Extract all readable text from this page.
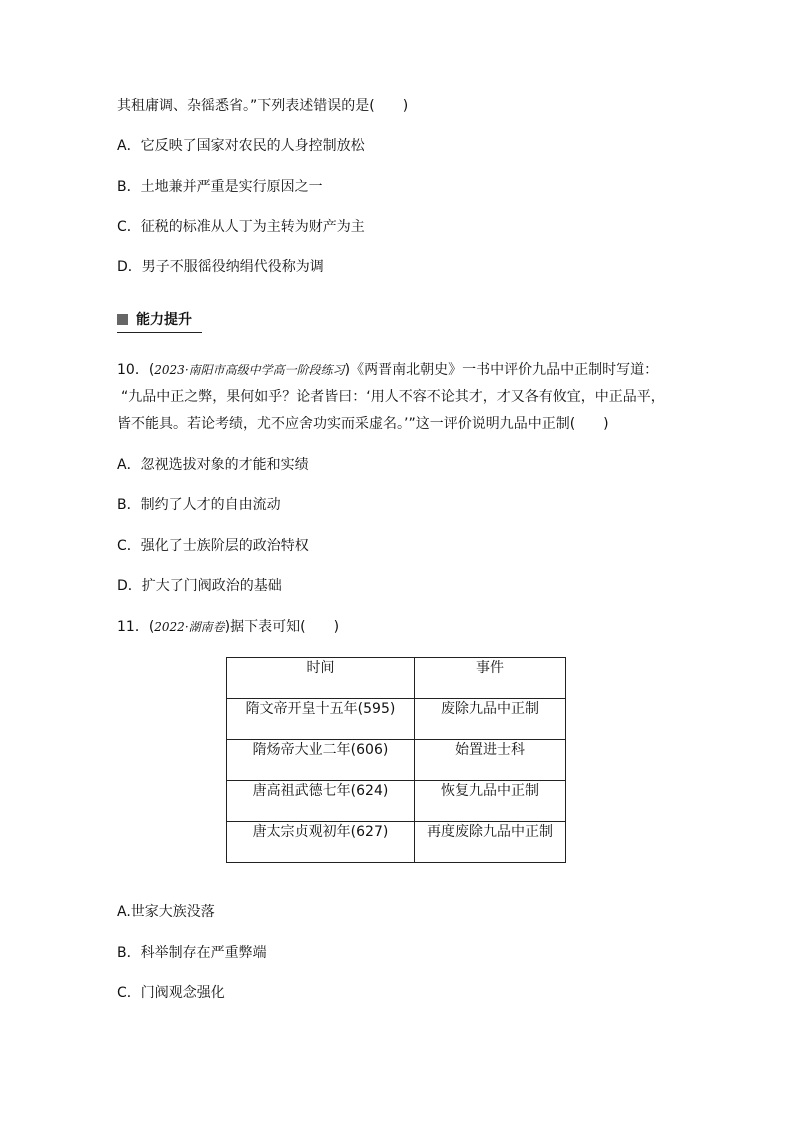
其租庸调、杂徭悉省。”下列表述错误的是(　　)
A．它反映了国家对农民的人身控制放松
B．土地兼并严重是实行原因之一
C．征税的标准从人丁为主转为财产为主
D．男子不服徭役纳绢代役称为调
能力提升
10．(2023·南阳市高级中学高一阶段练习)《两晋南北朝史》一书中评价九品中正制时写道：
“九品中正之弊，果何如乎？论者皆曰：‘用人不容不论其才，才又各有攸宜，中正品平，
皆不能具。若论考绩，尤不应舍功实而采虚名。’”这一评价说明九品中正制(　　)
A．忽视选拔对象的才能和实绩
B．制约了人才的自由流动
C．强化了士族阶层的政治特权
D．扩大了门阀政治的基础
11．(2022·湖南卷)据下表可知(　　)
时间	事件
隋文帝开皇十五年(595)	废除九品中正制
隋炀帝大业二年(606)	始置进士科
唐高祖武德七年(624)	恢复九品中正制
唐太宗贞观初年(627)	再度废除九品中正制
A.世家大族没落
B．科举制存在严重弊端
C．门阀观念强化
